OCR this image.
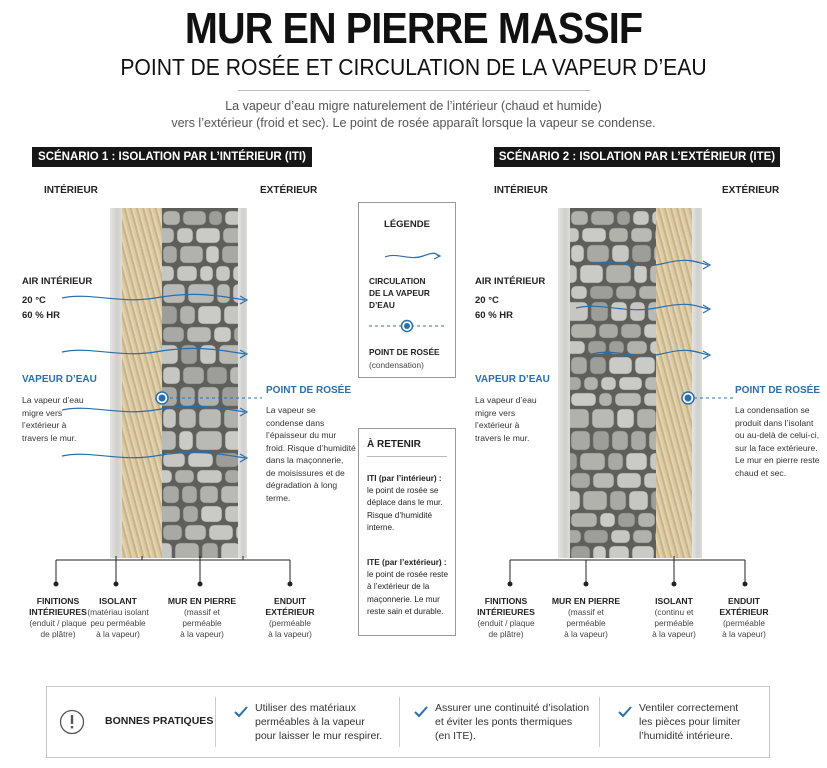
MUR EN PIERRE MASSIF
POINT DE ROSÉE ET CIRCULATION DE LA VAPEUR D’EAU
La vapeur d’eau migre naturelement de l’intérieur (chaud et humide)
vers l’extérieur (froid et sec). Le point de rosée apparaît lorsque la vapeur se condense.
SCÉNARIO 1 : ISOLATION PAR L’INTÉRIEUR (ITI)	SCÉNARIO 2 : ISOLATION PAR L’EXTÉRIEUR (ITE)
INTÉRIEUR	EXTÉRIEUR	INTÉRIEUR	EXTÉRIEUR
AIR INTÉRIEUR
20 °C
60 % HR
VAPEUR D’EAU
La vapeur d’eau
migre vers
l’extérieur à
travers le mur.
POINT DE ROSÉE
La vapeur se
condense dans
l’épaisseur du mur
froid. Risque d’humidité
dans la maçonnerie,
de moisissures et de
dégradation à long
terme.
FINITIONS
INTÉRIEURES
(enduit / plaque
de plâtre)
ISOLANT
(matériau isolant
peu perméable
à la vapeur)
MUR EN PIERRE
(massif et
perméable
à la vapeur)
ENDUIT
EXTÉRIEUR
(perméable
à la vapeur)
LÉGENDE
CIRCULATION
DE LA VAPEUR D’EAU
POINT DE ROSÉE
(condensation)
À RETENIR
ITI (par l’intérieur) :
le point de rosée se
déplace dans le mur.
Risque d’humidité
interne.
ITE (par l’extérieur) :
le point de rosée reste
à l’extérieur de la
maçonnerie. Le mur
reste sain et durable.
AIR INTÉRIEUR
20 °C
60 % HR
VAPEUR D’EAU
La vapeur d’eau
migre vers
l’extérieur à
travers le mur.
POINT DE ROSÉE
La condensation se
produit dans l’isolant
ou au-delà de celui-ci,
sur la face extérieure.
Le mur en pierre reste
chaud et sec.
FINITIONS
INTÉRIEURES
(enduit / plaque
de plâtre)
MUR EN PIERRE
(massif et
perméable
à la vapeur)
ISOLANT
(continu et
perméable
à la vapeur)
ENDUIT
EXTÉRIEUR
(perméable
à la vapeur)
BONNES PRATIQUES
Utiliser des matériaux
perméables à la vapeur
pour laisser le mur respirer.
Assurer une continuité d’isolation
et éviter les ponts thermiques
(en ITE).
Ventiler correctement
les pièces pour limiter
l’humidité intérieure.
